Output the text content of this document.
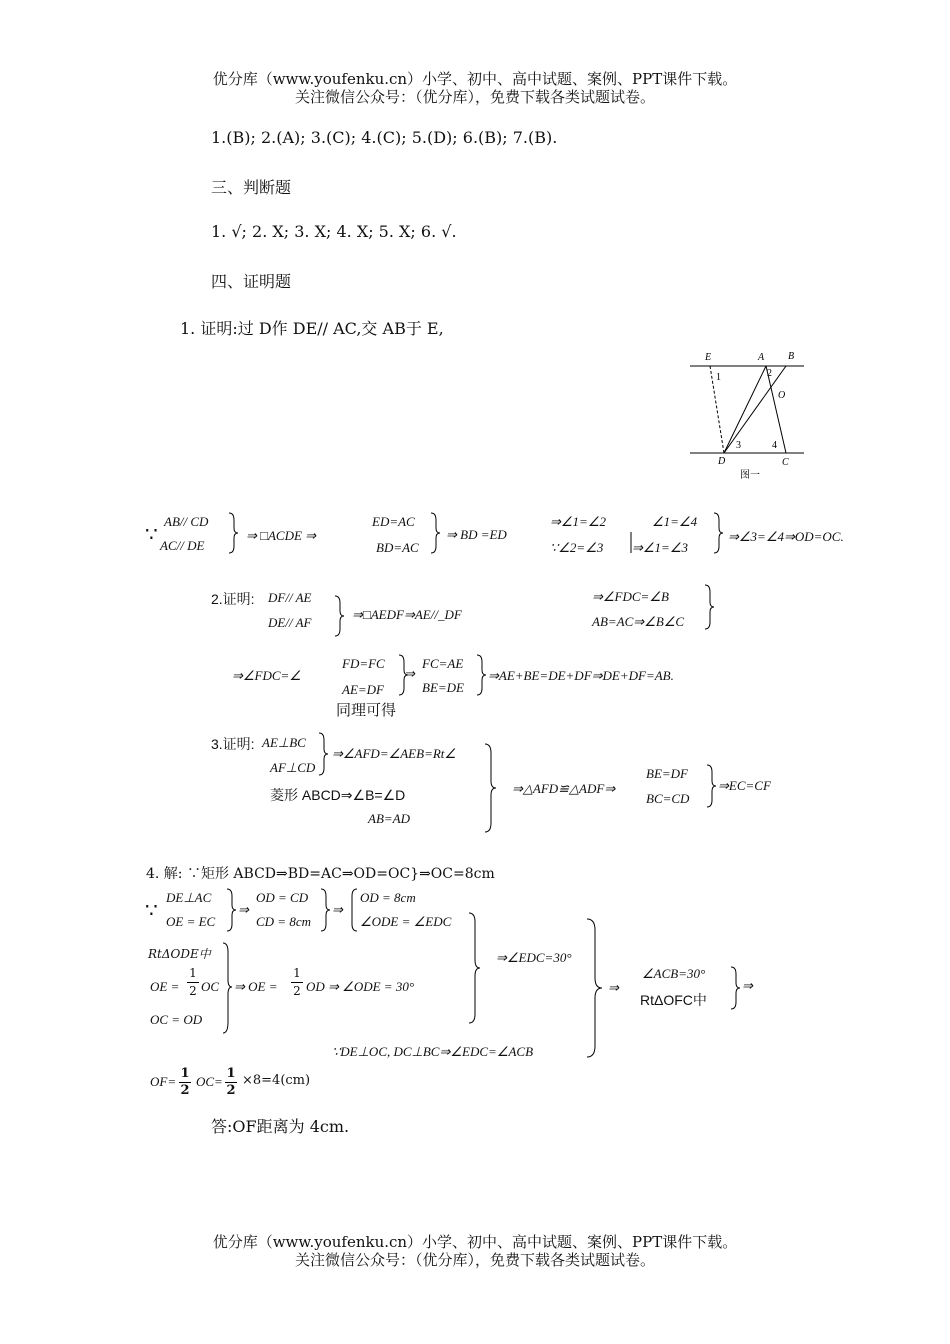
优分库（www.youfenku.cn）小学、初中、高中试题、案例、PPT课件下载。
关注微信公众号：（优分库），免费下载各类试题试卷。
1.(B); 2.(A); 3.(C); 4.(C); 5.(D); 6.(B); 7.(B).
三、判断题
1. √; 2. X; 3. X; 4. X; 5. X; 6. √.
四、证明题
1. 证明:过 D作 DE// AC,交 AB于 E,
E	A B
1	2
O
3	4
D	C
图一
∵
AB// CD
AC// DE
⇒ □ACDE ⇒
ED=AC
BD=AC
⇒ BD =ED
⇒∠1=∠2
∵∠2=∠3
∠1=∠4
⇒∠1=∠3
⇒∠3=∠4⇒OD=OC.
2.证明: DF// AE
DE// AF
⇒□AEDF⇒AE//_DF
⇒∠FDC=∠B
AB=AC⇒∠B∠C
⇒∠FDC=∠
FD=FC
AE=DF
⇒
FC=AE
BE=DE
⇒AE+BE=DE+DF⇒DE+DF=AB.
同理可得
3.证明: AE⊥BC
AF⊥CD
⇒∠AFD=∠AEB=Rt∠
菱形 ABCD⇒∠B=∠D
AB=AD
⇒△AFD≌△ADF⇒
BE=DF
BC=CD
⇒EC=CF
4. 解: ∵矩形 ABCD⇒BD=AC⇒OD=OC}⇒OC=8cm
∵
DE⊥AC
OE = EC
⇒
OD = CD
CD = 8cm
⇒
OD = 8cm
∠ODE = ∠EDC
⇒∠EDC=30°
RtΔODE中
OE =
1
2 OC ⇒ OE =
1
2 OD ⇒ ∠ODE = 30°
OC = OD
∵DE⊥OC, DC⊥BC⇒∠EDC=∠ACB
⇒
∠ACB=30°
RtΔOFC中
⇒
OF=
1
2
OC=
1
2
×8=4(cm)
答:OF距离为 4cm.
优分库（www.youfenku.cn）小学、初中、高中试题、案例、PPT课件下载。
关注微信公众号：（优分库），免费下载各类试题试卷。
